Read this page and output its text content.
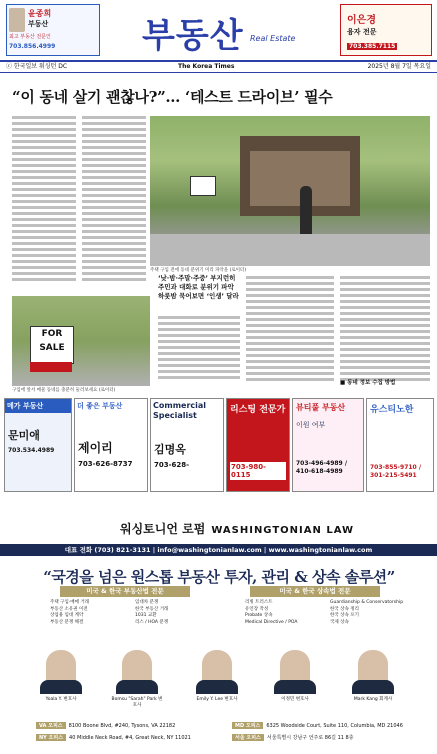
윤종희
부동산
703.856.4999
최고 부동산 전문인	부동산 Real Estate
이은경
융자 전문
703.385.7115
ⓒ 한국일보 워싱턴 DC	The Korea Times	2025년 8월 7일 목요일
“이 동네 살기 괜찮나?”… ‘테스트 드라이브’ 필수
주택 구입 전에 동네 분위기 미리 파악을 (로이터)
‘낮·밤·주말·주중’ 부지런히 주민과 대화로 분위기 파악 하룻밤 묵어보면 ‘인생’ 달라
■ 동네 정보 수집 방법
FOR SALE
구입에 앞서 매물 동네를 충분히 둘러보세요 (로이터)
메가 부동산
문미애
703.534.4989
더 좋은 부동산
제이리
703-626-8737
Commercial Specialist
김명옥
703-628-
리스팅 전문가
703-980-0115
뷰티풀 부동산
이원 여부
703-496-4989 / 410-618-4989
유스티노한
703-855-9710 / 301-215-5491
워싱토니언 로펌 WASHINGTONIAN LAW
대표 전화 (703) 821-3131 | info@washingtonianlaw.com | www.washingtonianlaw.com
“국경을 넘은 원스톱 부동산 투자, 관리 & 상속 솔루션”
미국 & 한국 부동산법 전문	미국 & 한국 상속법 전문
주택 구입·매매 거래
부동산 소유권 이전
상업용 임대 계약
부동산 분쟁 해결
임대차 분쟁
한국 부동산 거래
1031 교환
리스 / HOA 분쟁
리빙 트러스트
유언장 작성
Probate 상속
Medical Directive / POA
Guardianship & Conservatorship
한국 상속 정리
한국 상속 포기
국제 상속
Yoala Y. 변호사	Bomsu "Sarah" Park 변호사
Emily Y. Lee 변호사	이정민 변호사	Mark Kang 회계사
VA 오피스 8100 Boone Blvd, #240, Tysons, VA 22182
NY 오피스 40 Middle Neck Road, #4, Great Neck, NY 11021
MD 오피스 6325 Woodside Court, Suite 110, Columbia, MD 21046
서울 오피스 서울특별시 강남구 언주로 86길 11 8층
